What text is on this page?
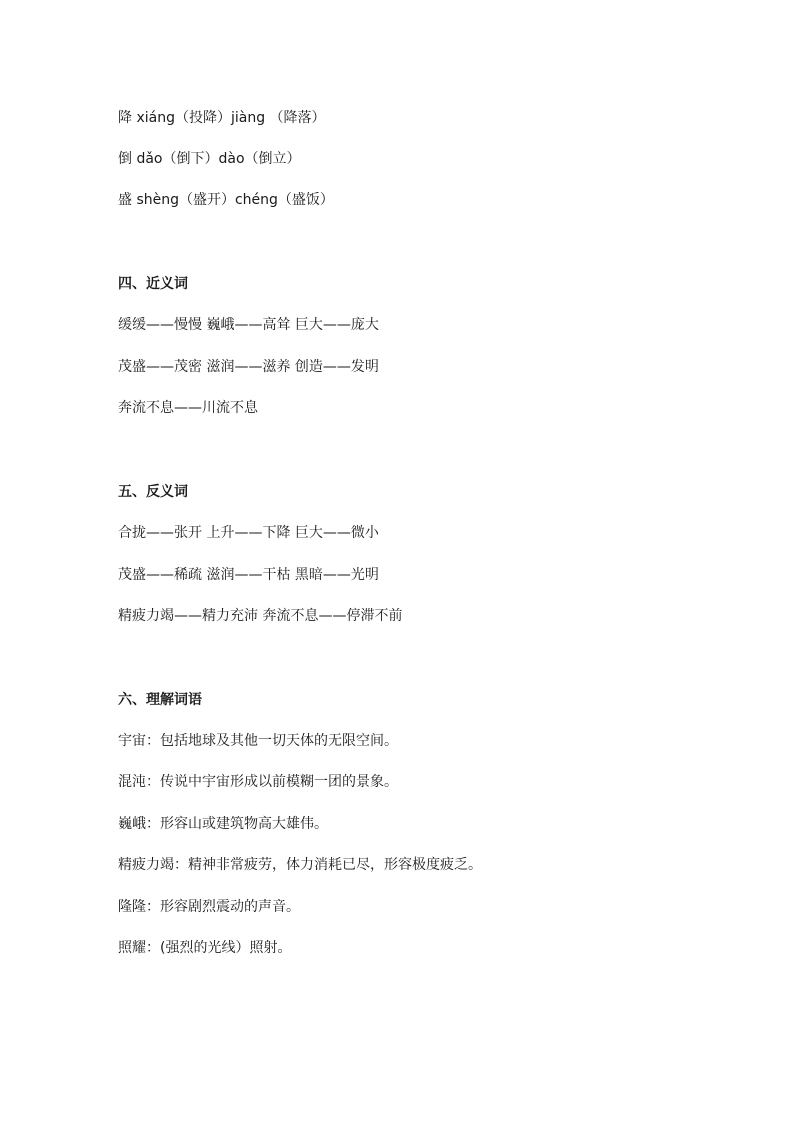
降 xiáng（投降）jiàng （降落）
倒 dǎo（倒下）dào（倒立）
盛 shèng（盛开）chéng（盛饭）
四、近义词
缓缓——慢慢 巍峨——高耸 巨大——庞大
茂盛——茂密 滋润——滋养 创造——发明
奔流不息——川流不息
五、反义词
合拢——张开 上升——下降 巨大——微小
茂盛——稀疏 滋润——干枯 黑暗——光明
精疲力竭——精力充沛 奔流不息——停滞不前
六、理解词语
宇宙：包括地球及其他一切天体的无限空间。
混沌：传说中宇宙形成以前模糊一团的景象。
巍峨：形容山或建筑物高大雄伟。
精疲力竭：精神非常疲劳，体力消耗已尽，形容极度疲乏。
隆隆：形容剧烈震动的声音。
照耀：(强烈的光线）照射。
